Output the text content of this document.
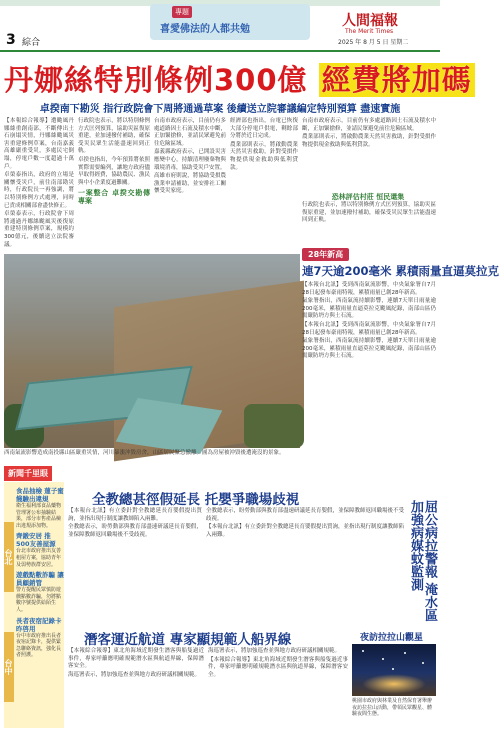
3 綜合
專題
喜愛佛法的人都共勉
人間福報
The Merit Times
2025 年 8 月 5 日 星期二
丹娜絲特別條例300億 經費將加碼
卓揆南下勘災 指行政院會下周將通過草案 後續送立院審議編定特別預算 盡速實施

【本報綜合報導】遭颱風丹娜絲重創南部，不斷傳出土石崩塌災情，丹娜絲颱風災害重建條例草案，台南嘉義高雄嚴重受災，多處民宅倒塌，停電戶數一度超過十萬戶。

卓榮泰指出，政府的立場是關懷受災戶，前往南部勘災時，行政院長一再強調，將以特別條例方式處理，同時已責成相關部會盡快修正。

卓榮泰表示，行政院會下周將通過丹娜絲颱風災後復原重建特別條例草案，規模約300億元，後續送立法院審議。

行政院也表示，將以特別條例方式匡列預算，協助災區復原重建，並加速撥付補助，確保受災民眾生活能盡速回到正軌。

卓揆也指出，今年預算將依照實際需要編列，讓地方政府儘早取得經費，協助農民、漁民與中小企業度過難關。

一案整合 卓揆交勘傳專案

台南市政府表示，目前仍有多處道路因土石流及積水中斷，正加緊搶修，並請民眾避免前往危險區域。

嘉義縣政府表示，已開設災害應變中心，持續清理廢棄物與環境消毒，協助受災戶安置。

高雄市府則說，將協助受損農漁業申請補助，並安排社工關懷受災家庭。

經濟部也指出，台電已恢復大部分停電戶供電，剩餘部分將於近日完成。

農業部則表示，將啟動農業天然災害救助，針對受損作物提供現金救助與低利貸款。

台南市政府表示，目前仍有多處道路因土石流及積水中斷，正加緊搶修，並請民眾避免前往危險區域。

農業部則表示，將啟動農業天然災害救助，針對受損作物提供現金救助與低利貸款。

恐林評估村莊 恒民還集

行政院也表示，將以特別條例方式匡列預算，協助災區復原重建，並加速撥付補助，確保受災民眾生活能盡速回到正軌。

西南氣流影響造成南投縣山區嚴重災情，河川暴漲沖毀房舍，山區居民緊急撤離。圖為房屋被沖毀後遭淹沒的景象。
28年新高
連7天逾200毫米 累積雨量直逼莫拉克

【本報台北訊】受到西南氣流影響，中央氣象署自7月28日起發布豪雨特報，累積雨量已創28年新高。

氣象署指出，西南氣流持續影響，連續7天單日雨量逾200毫米，累積雨量直逼莫拉克颱風紀錄，南部山區仍需嚴防坍方與土石流。

【本報台北訊】受到西南氣流影響，中央氣象署自7月28日起發布豪雨特報，累積雨量已創28年新高。

氣象署指出，西南氣流持續影響，連續7天單日雨量逾200毫米，累積雨量直逼莫拉克颱風紀錄，南部山區仍需嚴防坍方與土石流。

新聞千里眼
台北
台中
食品抽檢 蓮子蜜餞驗出違規
衛生福利部食品藥物管理署公布抽驗結果，部分市售產品檢出違規添加物。
齊鍛安居 推500友善屋源
台北市政府推出友善租屋方案，協助青年及弱勢族群安居。
遊戲點數詐騙 讓員顧銷管
警方提醒民眾慎防遊戲點數詐騙，勿將點數序號提供給陌生人。
長者夜宿記錄卡 昨啓用
台中市政府推出長者夜宿記錄卡，提供緊急聯絡資訊，強化長者照護。
全教總甚徑假延長 托嬰爭職場歧視

【本報台北訊】有立委針對全教總延長育嬰假提出質詢，並指出現行制度讓教師陷入兩難。

全教總表示，盼勞動部與教育部盡速研議延長育嬰假，並保障教師返回職場後不受歧視。

全教總表示，盼勞動部與教育部盡速研議延長育嬰假，並保障教師返回職場後不受歧視。

【本報台北訊】有立委針對全教總延長育嬰假提出質詢，並指出現行制度讓教師陷入兩難。

潛客運近航道 專家顯規範人船界線

【本報綜合報導】東北角海域近期發生潛客與船隻過近事件，專家呼籲應明確規範潛水區與航道界線，保障潛客安全。

海巡署表示，將加強巡查並與地方政府研議相關規範。

海巡署表示，將加強巡查並與地方政府研議相關規範。

【本報綜合報導】東北角海域近期發生潛客與船隻過近事件，專家呼籲應明確規範潛水區與航道界線，保障潛客安全。

屈公病拉警報 淹水區加強病媒蚊監測
夜訪拉拉山觀星
桃園市政府與林業及自然保育署舉辦夜訪拉拉山活動，帶領民眾觀星、體驗夜間生態。
